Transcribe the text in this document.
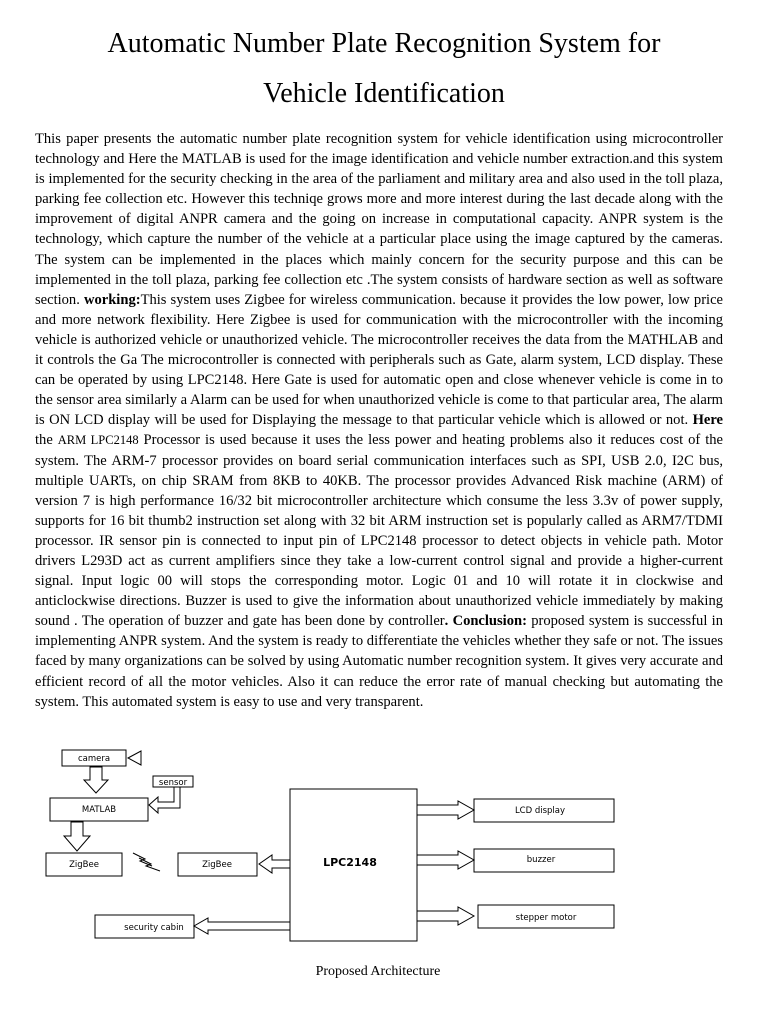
Automatic Number Plate Recognition System for
Vehicle Identification
This paper presents the automatic number plate recognition system for vehicle identification using microcontroller technology and Here the MATLAB is used for the image identification and vehicle number extraction.and this system is implemented for the security checking in the area of the parliament and military area and also used in the toll plaza, parking fee collection etc. However this techniqe grows more and more interest during the last decade along with the improvement of digital ANPR camera and the going on increase in computational capacity. ANPR system is the technology, which capture the number of the vehicle at a particular place using the image captured by the cameras. The system can be implemented in the places which mainly concern for the security purpose and this can be implemented in the toll plaza, parking fee collection etc .The system consists of hardware section as well as software section. working:This system uses Zigbee for wireless communication. because it provides the low power, low price and more network flexibility. Here Zigbee is used for communication with the microcontroller with the incoming vehicle is authorized vehicle or unauthorized vehicle. The microcontroller receives the data from the MATHLAB and it controls the Ga The microcontroller is connected with peripherals such as Gate, alarm system, LCD display. These can be operated by using LPC2148. Here Gate is used for automatic open and close whenever vehicle is come in to the sensor area similarly a Alarm can be used for when unauthorized vehicle is come to that particular area, The alarm is ON LCD display will be used for Displaying the message to that particular vehicle which is allowed or not. Here the ARM LPC2148 Processor is used because it uses the less power and heating problems also it reduces cost of the system. The ARM-7 processor provides on board serial communication interfaces such as SPI, USB 2.0, I2C bus, multiple UARTs, on chip SRAM from 8KB to 40KB. The processor provides Advanced Risk machine (ARM) of version 7 is high performance 16/32 bit microcontroller architecture which consume the less 3.3v of power supply, supports for 16 bit thumb2 instruction set along with 32 bit ARM instruction set is popularly called as ARM7/TDMI processor. IR sensor pin is connected to input pin of LPC2148 processor to detect objects in vehicle path. Motor drivers L293D act as current amplifiers since they take a low-current control signal and provide a higher-current signal. Input logic 00 will stops the corresponding motor. Logic 01 and 10 will rotate it in clockwise and anticlockwise directions. Buzzer is used to give the information about unauthorized vehicle immediately by making sound . The operation of buzzer and gate has been done by controller. Conclusion: proposed system is successful in implementing ANPR system. And the system is ready to differentiate the vehicles whether they safe or not. The issues faced by many organizations can be solved by using Automatic number recognition system. It gives very accurate and efficient record of all the motor vehicles. Also it can reduce the error rate of manual checking but automating the system. This automated system is easy to use and very transparent.
camera
sensor
MATLAB
ZigBee	ZigBee	LPC2148
LCD display
buzzer
stepper motor
security cabin
Proposed Architecture
